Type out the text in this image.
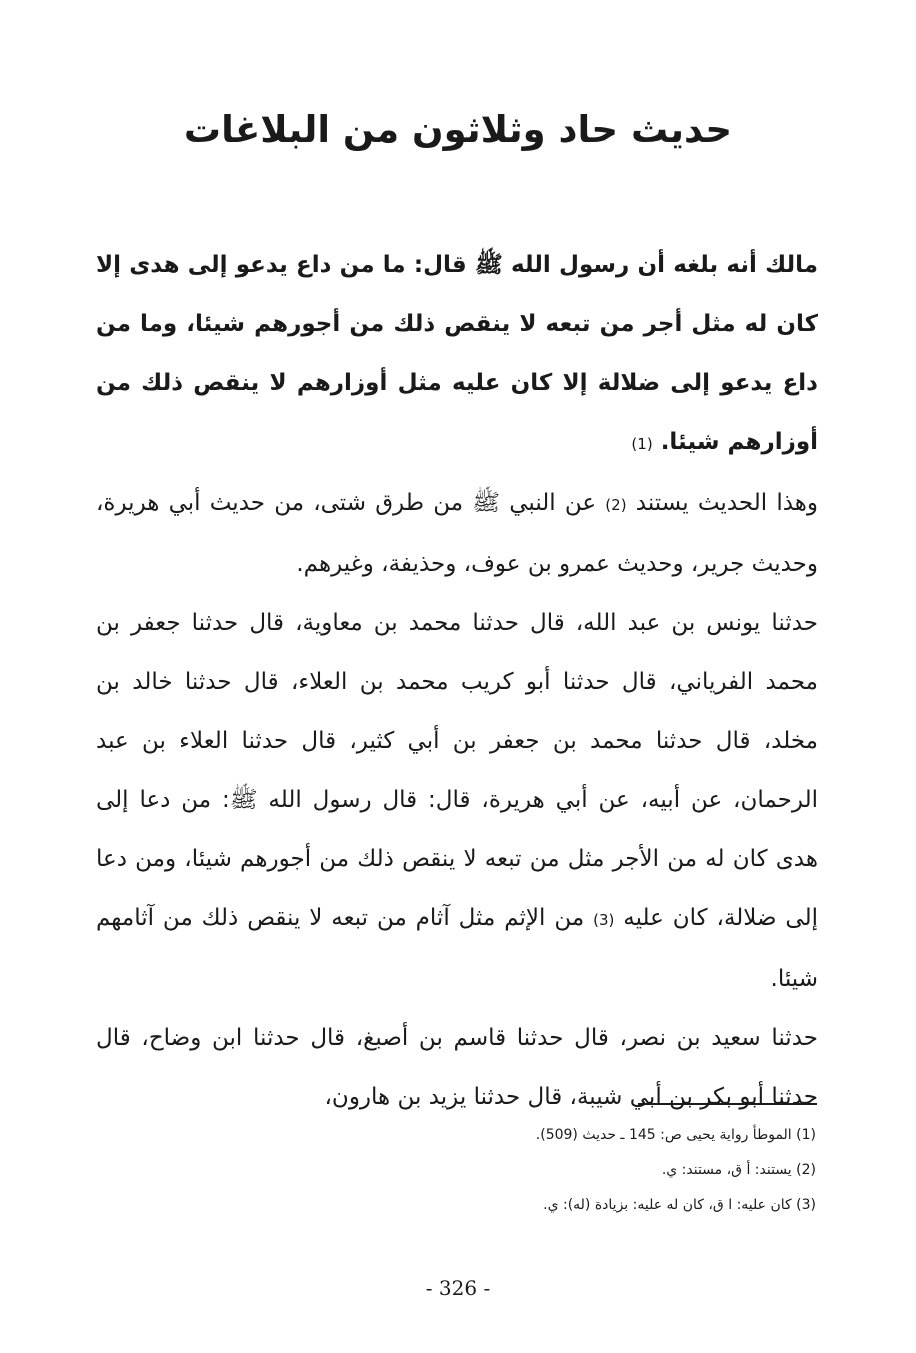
حديث حاد وثلاثون من البلاغات

مالك أنه بلغه أن رسول الله ﷺ قال: ما من داع يدعو إلى هدى إلا كان له مثل أجر من تبعه لا ينقص ذلك من أجورهم شيئا، وما من داع يدعو إلى ضلالة إلا كان عليه مثل أوزارهم لا ينقص ذلك من أوزارهم شيئا. (1)

وهذا الحديث يستند (2) عن النبي ﷺ من طرق شتى، من حديث أبي هريرة، وحديث جرير، وحديث عمرو بن عوف، وحذيفة، وغيرهم.

حدثنا يونس بن عبد الله، قال حدثنا محمد بن معاوية، قال حدثنا جعفر بن محمد الفرياني، قال حدثنا أبو كريب محمد بن العلاء، قال حدثنا خالد بن مخلد، قال حدثنا محمد بن جعفر بن أبي كثير، قال حدثنا العلاء بن عبد الرحمان، عن أبيه، عن أبي هريرة، قال: قال رسول الله ﷺ: من دعا إلى هدى كان له من الأجر مثل من تبعه لا ينقص ذلك من أجورهم شيئا، ومن دعا إلى ضلالة، كان عليه (3) من الإثم مثل آثام من تبعه لا ينقص ذلك من آثامهم شيئا.

حدثنا سعيد بن نصر، قال حدثنا قاسم بن أصبغ، قال حدثنا ابن وضاح، قال حدثنا أبو بكر بن أبي شيبة، قال حدثنا يزيد بن هارون،

(1) الموطأ رواية يحيى ص: 145 ـ حديث (509).

(2) يستند: أ ق، مستند: ي.

(3) كان عليه: ا ق، كان له عليه: بزيادة (له): ي.

- 326 -
